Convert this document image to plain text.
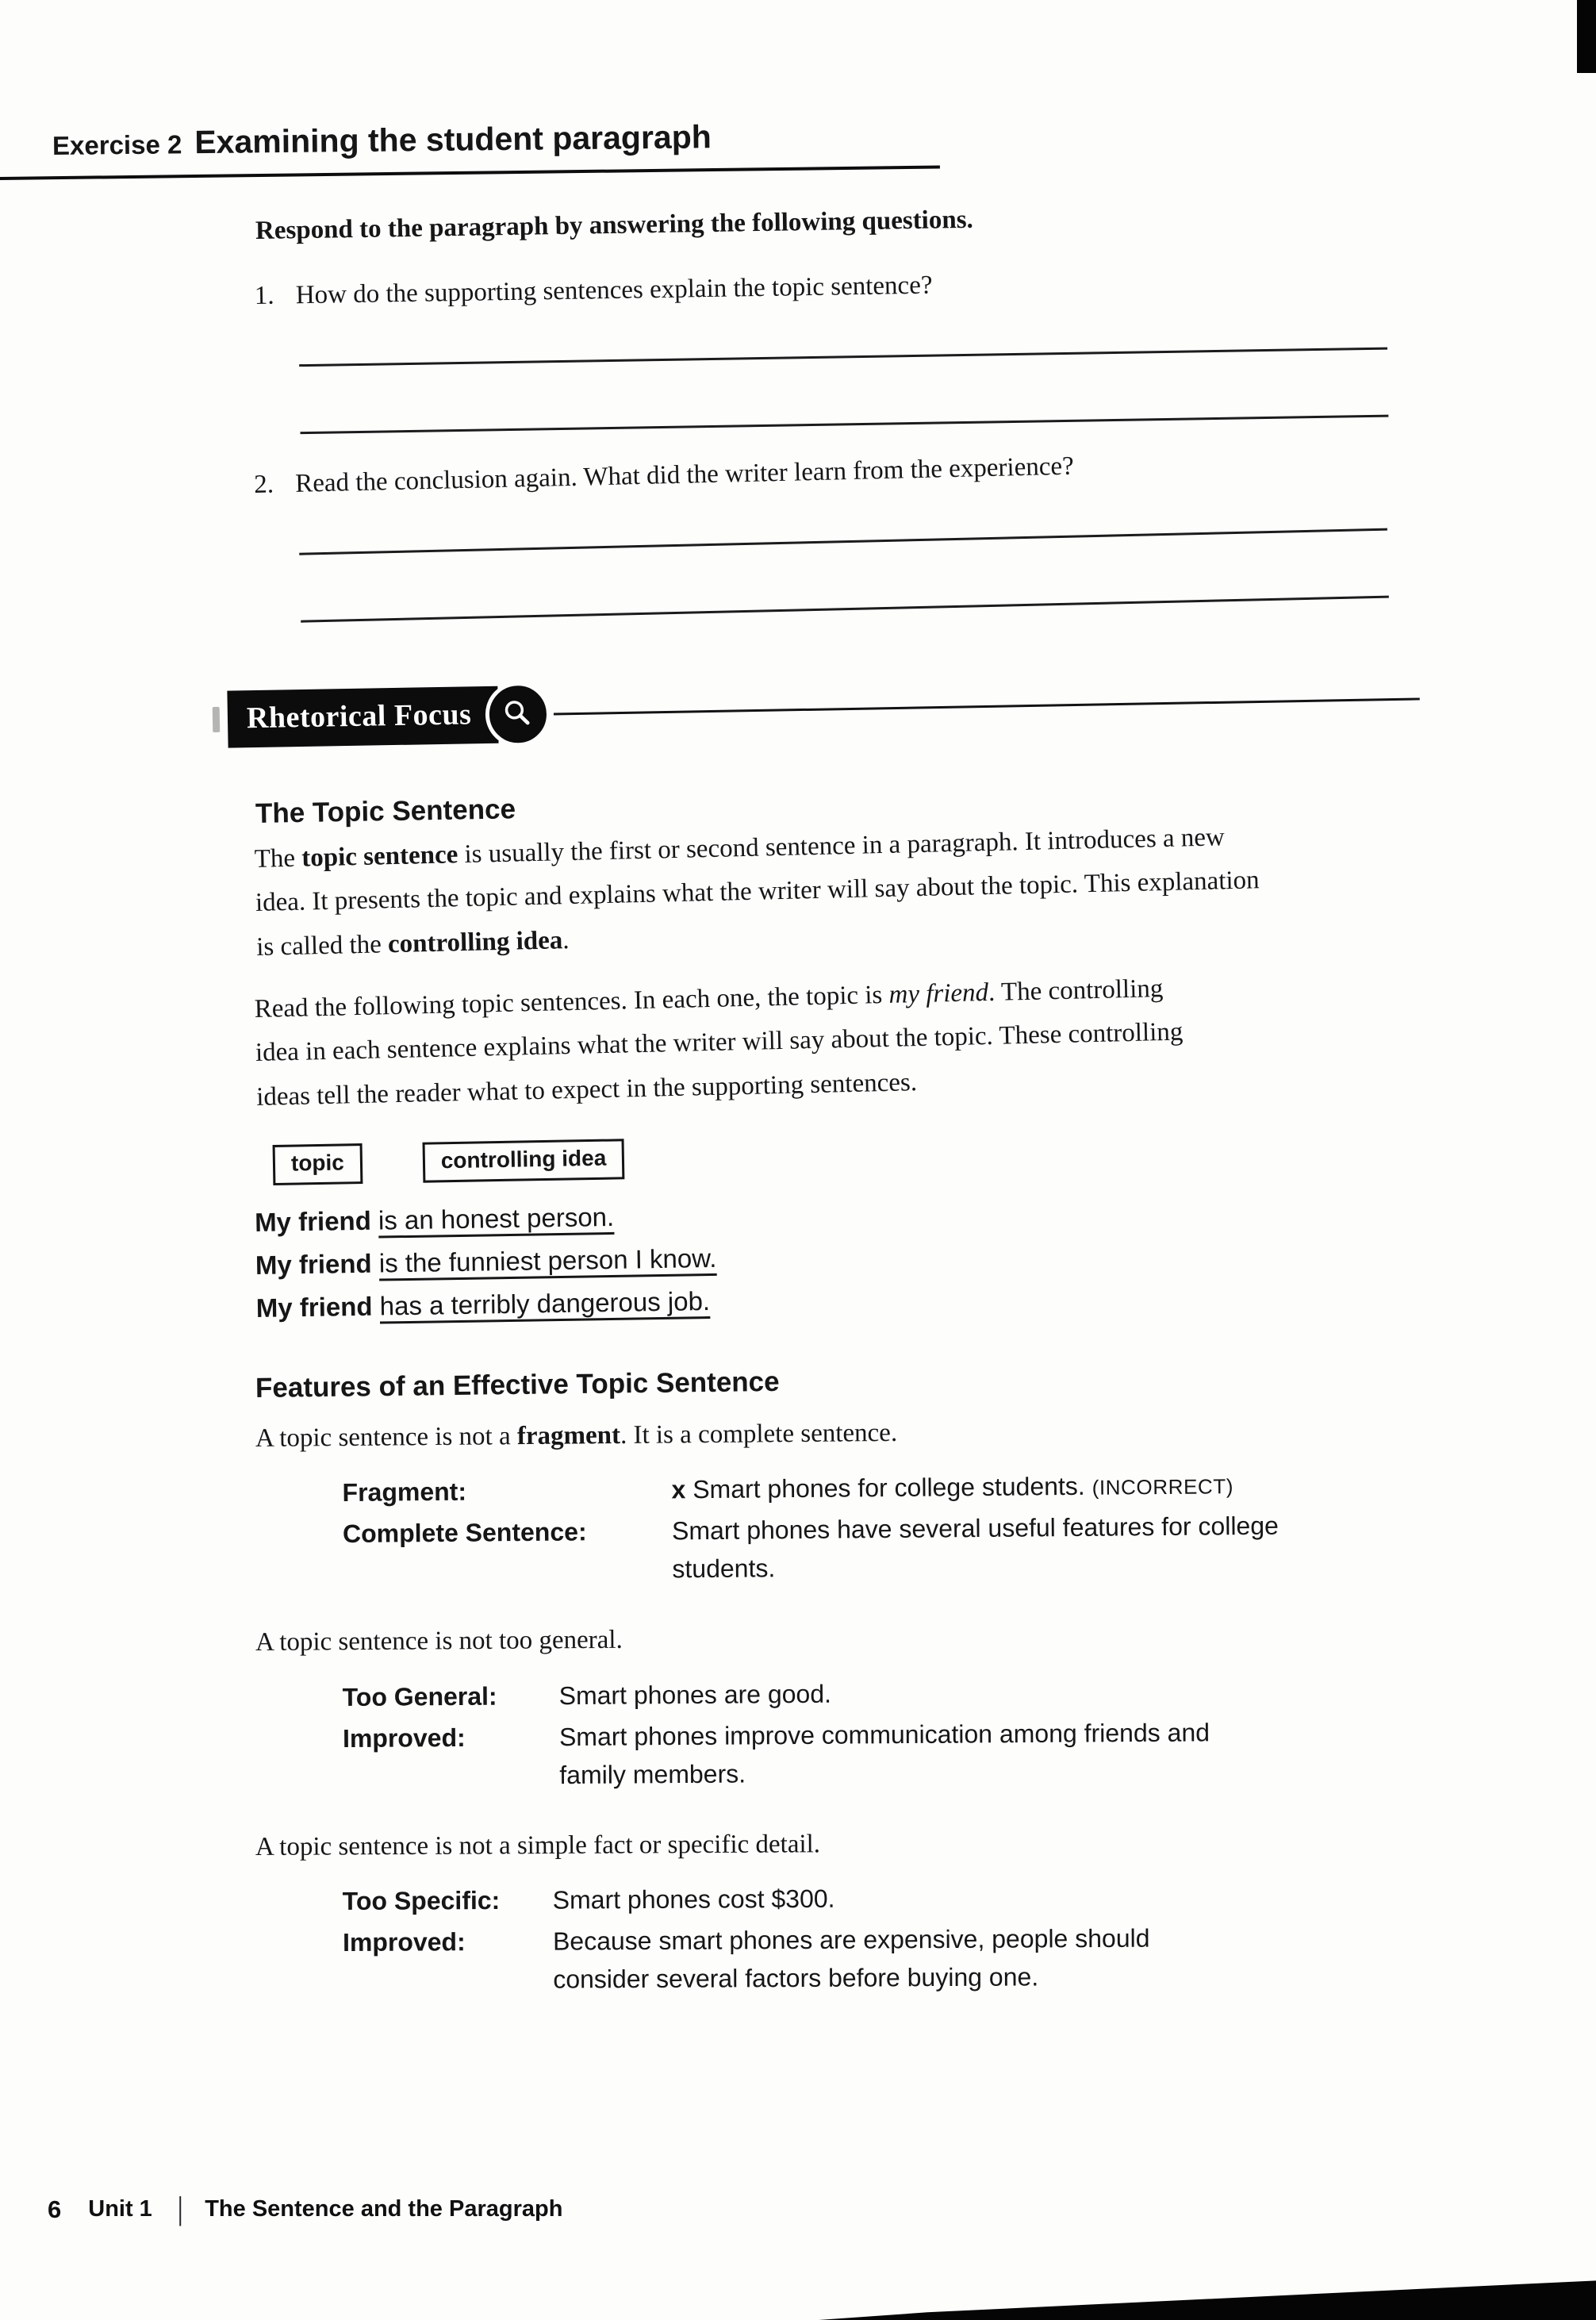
Exercise 2 Examining the student paragraph

Respond to the paragraph by answering the following questions.

1. How do the supporting sentences explain the topic sentence?
2. Read the conclusion again. What did the writer learn from the experience?
Rhetorical Focus
The Topic Sentence

The topic sentence is usually the first or second sentence in a paragraph. It introduces a new idea. It presents the topic and explains what the writer will say about the topic. This explanation is called the controlling idea.

Read the following topic sentences. In each one, the topic is my friend. The controlling idea in each sentence explains what the writer will say about the topic. These controlling ideas tell the reader what to expect in the supporting sentences.

topic	controlling idea

My friend is an honest person.

My friend is the funniest person I know.

My friend has a terribly dangerous job.

Features of an Effective Topic Sentence

A topic sentence is not a fragment. It is a complete sentence.

Fragment:	x Smart phones for college students. (INCORRECT)
Complete Sentence:	Smart phones have several useful features for college students.

A topic sentence is not too general.

Too General:	Smart phones are good.
Improved:	Smart phones improve communication among friends and family members.

A topic sentence is not a simple fact or specific detail.

Too Specific:	Smart phones cost $300.
Improved:	Because smart phones are expensive, people should consider several factors before buying one.
6 Unit 1 | The Sentence and the Paragraph
